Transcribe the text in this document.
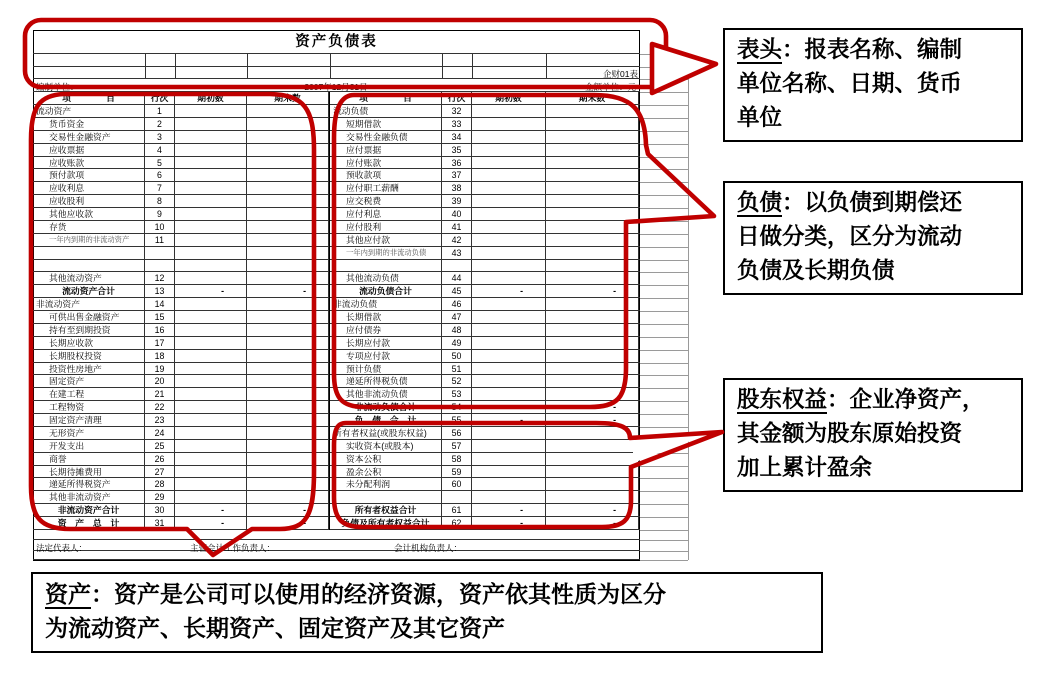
资产负债表
企财01表
编制单位：	2007年12月31日	金额单位：元
项　　　　目	行次	期初数	期末数
流动资产	1
货币资金	2
交易性金融资产	3
应收票据	4
应收账款	5
预付款项	6
应收利息	7
应收股利	8
其他应收款	9
存货	10
一年内到期的非流动资产	11
其他流动资产	12
流动资产合计	13	-	-
非流动资产	14
可供出售金融资产	15
持有至到期投资	16
长期应收款	17
长期股权投资	18
投资性房地产	19
固定资产	20
在建工程	21
工程物资	22
固定资产清理	23
无形资产	24
开发支出	25
商誉	26
长期待摊费用	27
递延所得税资产	28
其他非流动资产	29
非流动资产合计	30	-	-
资　产　总　计	31	-	-
项　　　　目	行次	期初数	期末数
流动负债	32
短期借款	33
交易性金融负债	34
应付票据	35
应付账款	36
预收款项	37
应付职工薪酬	38
应交税费	39
应付利息	40
应付股利	41
其他应付款	42
一年内到期的非流动负债	43
其他流动负债	44
流动负债合计	45	-	-
非流动负债	46
长期借款	47
应付债券	48
长期应付款	49
专项应付款	50
预计负债	51
递延所得税负债	52
其他非流动负债	53
非流动负债合计	54	-	-
负　债　合　计	55	-	-
所有者权益(或股东权益)	56
实收资本(或股本)	57
资本公积	58
盈余公积	59
未分配利润	60
所有者权益合计	61	-	-
负债及所有者权益合计	62	-	-
法定代表人：	主管会计工作负责人：	会计机构负责人：
表头：报表名称、编制
单位名称、日期、货币
单位
负债：以负债到期偿还
日做分类，区分为流动
负债及长期负债
股东权益：企业净资产，
其金额为股东原始投资
加上累计盈余
资产：资产是公司可以使用的经济资源，资产依其性质为区分
为流动资产、长期资产、固定资产及其它资产
